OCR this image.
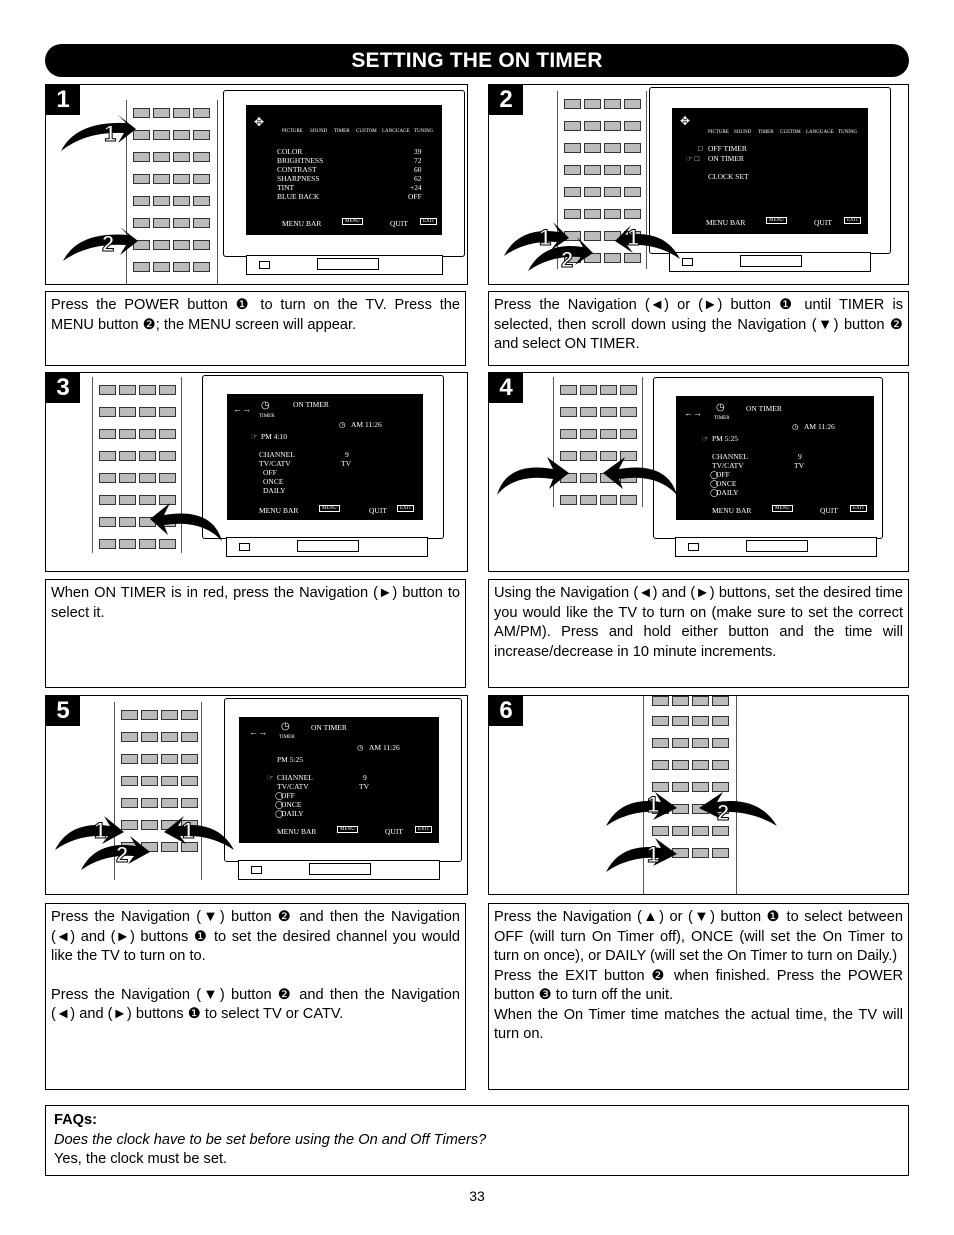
SETTING THE ON TIMER
1
✥
PICTURE SOUND TIMER CUSTOM LANGUAGE TUNING
COLOR	39
BRIGHTNESS	72
CONTRAST	60
SHARPNESS	62
TINT	+24
BLUE BACK	OFF
MENU BAR	MENU	QUIT	EXIT
1
2

Press the POWER button ❶ to turn on the TV. Press the MENU button ❷; the MENU screen will appear.

2
✥
PICTURE SOUND TIMER CUSTOM LANGUAGE TUNING
□ OFF TIMER
☞ □ ON TIMER
CLOCK SET
MENU BAR	MENU	QUIT	EXIT
1
2
1

Press the Navigation (◄) or (►) button ❶ until TIMER is selected, then scroll down using the Navigation (▼) button ❷ and select ON TIMER.

3
←→ ◷
TIMER
ON TIMER
◷ AM 11:26
☞ PM 4:10
CHANNEL	9
TV/CATV	TV
OFF
ONCE
DAILY
MENU BAR	MENU	QUIT	EXIT

When ON TIMER is in red, press the Navigation (►) button to select it.

4
←→ ◷
TIMER
ON TIMER
◷ AM 11:26
☞ PM 5:25
CHANNEL	9
TV/CATV	TV
◯
OFF
◯
ONCE
◯
DAILY
MENU BAR	MENU	QUIT	EXIT

Using the Navigation (◄) and (►) buttons, set the desired time you would like the TV to turn on (make sure to set the correct AM/PM). Press and hold either button and the time will increase/decrease in 10 minute increments.

5
←→ ◷
TIMER
ON TIMER
◷ AM 11:26
PM 5:25
☞ CHANNEL	9
TV/CATV	TV
◯
OFF
◯
ONCE
◯
DAILY
MENU BAR	MENU	QUIT	EXIT
1
2
1

Press the Navigation (▼) button ❷ and then the Navigation (◄) and (►) buttons ❶ to set the desired channel you would like the TV to turn on to.

Press the Navigation (▼) button ❷ and then the Navigation (◄) and (►) buttons ❶ to select TV or CATV.

6
1	2
1

Press the Navigation (▲) or (▼) button ❶ to select between OFF (will turn On Timer off), ONCE (will set the On Timer to turn on once), or DAILY (will set the On Timer to turn on Daily.)

Press the EXIT button ❷ when finished. Press the POWER button ❸ to turn off the unit.

When the On Timer time matches the actual time, the TV will turn on.

FAQs:
Does the clock have to be set before using the On and Off Timers?
Yes, the clock must be set.
33
